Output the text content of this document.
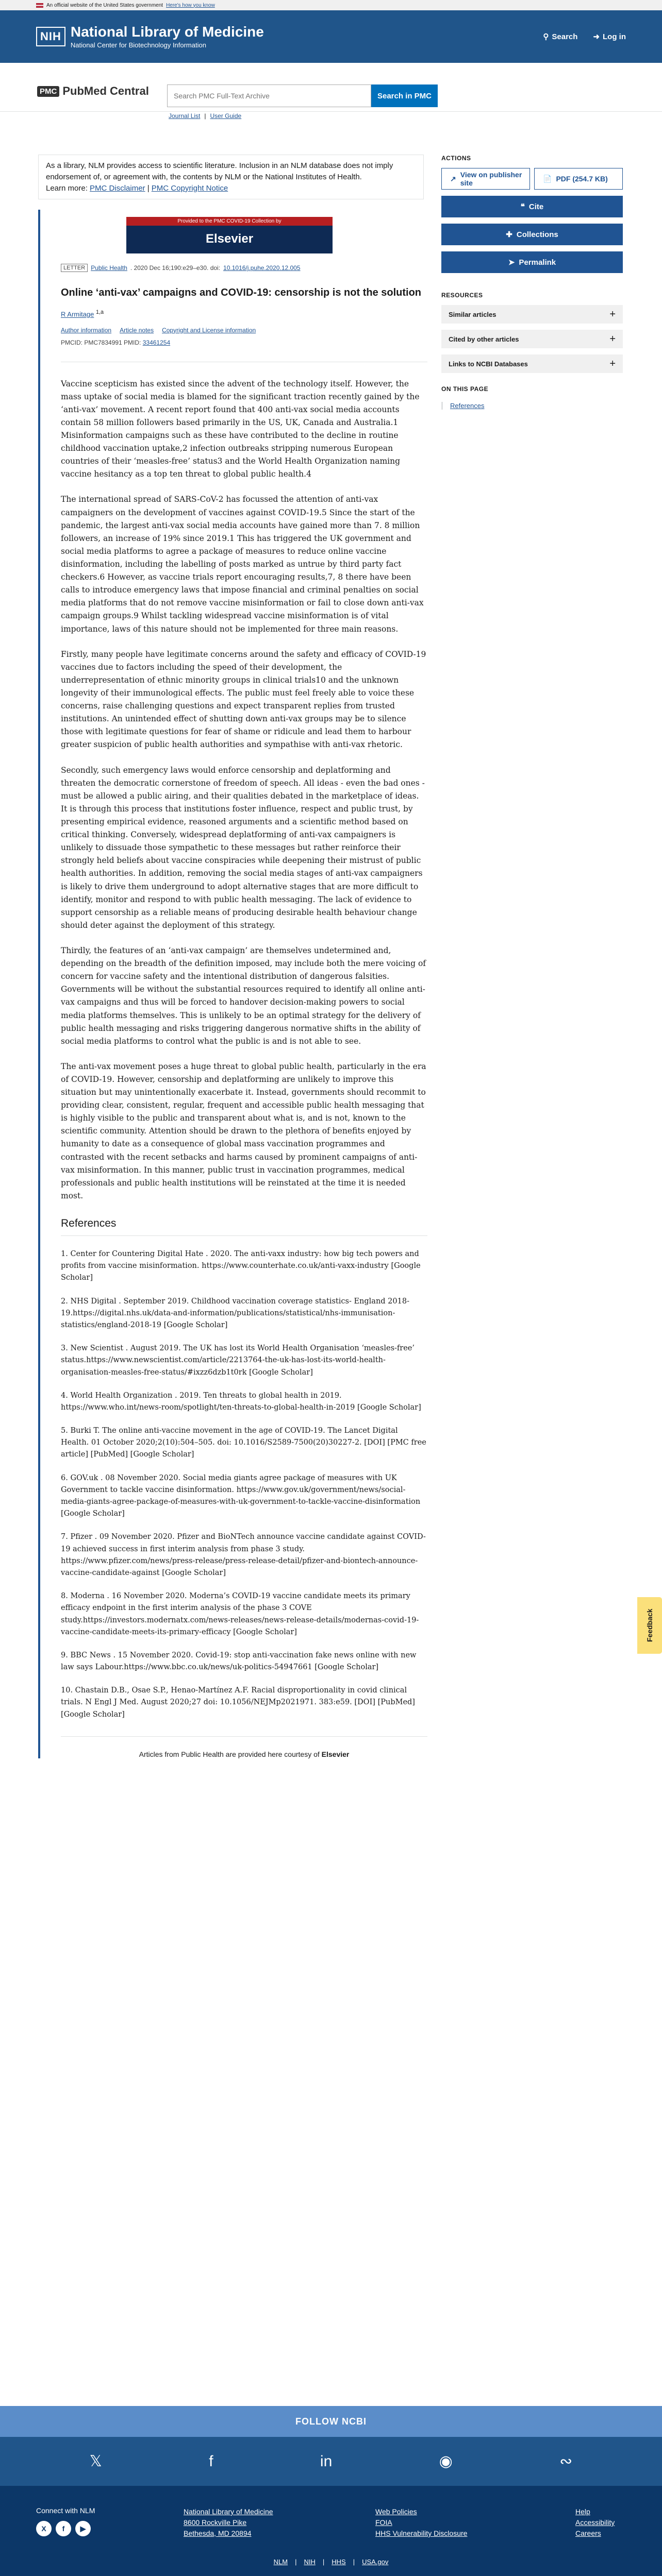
An official website of the United States government Here's how you know
NIH National Library of Medicine
National Center for Biotechnology Information
⚲ Search ➜ Log in
PMC PubMed Central
Search PMC Full-Text Archive	Search in PMC
Journal List | User Guide
As a library, NLM provides access to scientific literature. Inclusion in an NLM database does not imply endorsement of, or agreement with, the contents by NLM or the National Institutes of Health.
Learn more: PMC Disclaimer | PMC Copyright Notice
Provided to the PMC COVID-19 Collection by
Elsevier
LETTER Public Health . 2020 Dec 16;190:e29–e30. doi: 10.1016/j.puhe.2020.12.005
Online ‘anti-vax’ campaigns and COVID-19: censorship is not the solution
R Armitage $^{1,a}$
Author information Article notes Copyright and License information
PMCID: PMC7834991 PMID: 33461254

Vaccine scepticism has existed since the advent of the technology itself. However, the mass uptake of social media is blamed for the significant traction recently gained by the ‘anti-vax’ movement. A recent report found that 400 anti-vax social media accounts contain 58 million followers based primarily in the US, UK, Canada and Australia.1 Misinformation campaigns such as these have contributed to the decline in routine childhood vaccination uptake,2 infection outbreaks stripping numerous European countries of their ‘measles-free’ status3 and the World Health Organization naming vaccine hesitancy as a top ten threat to global public health.4

The international spread of SARS-CoV-2 has focussed the attention of anti-vax campaigners on the development of vaccines against COVID-19.5 Since the start of the pandemic, the largest anti-vax social media accounts have gained more than 7. 8 million followers, an increase of 19% since 2019.1 This has triggered the UK government and social media platforms to agree a package of measures to reduce online vaccine disinformation, including the labelling of posts marked as untrue by third party fact checkers.6 However, as vaccine trials report encouraging results,7, 8 there have been calls to introduce emergency laws that impose financial and criminal penalties on social media platforms that do not remove vaccine misinformation or fail to close down anti-vax campaign groups.9 Whilst tackling widespread vaccine misinformation is of vital importance, laws of this nature should not be implemented for three main reasons.

Firstly, many people have legitimate concerns around the safety and efficacy of COVID-19 vaccines due to factors including the speed of their development, the underrepresentation of ethnic minority groups in clinical trials10 and the unknown longevity of their immunological effects. The public must feel freely able to voice these concerns, raise challenging questions and expect transparent replies from trusted institutions. An unintended effect of shutting down anti-vax groups may be to silence those with legitimate questions for fear of shame or ridicule and lead them to harbour greater suspicion of public health authorities and sympathise with anti-vax rhetoric.

Secondly, such emergency laws would enforce censorship and deplatforming and threaten the democratic cornerstone of freedom of speech. All ideas - even the bad ones - must be allowed a public airing, and their qualities debated in the marketplace of ideas. It is through this process that institutions foster influence, respect and public trust, by presenting empirical evidence, reasoned arguments and a scientific method based on critical thinking. Conversely, widespread deplatforming of anti-vax campaigners is unlikely to dissuade those sympathetic to these messages but rather reinforce their strongly held beliefs about vaccine conspiracies while deepening their mistrust of public health authorities. In addition, removing the social media stages of anti-vax campaigners is likely to drive them underground to adopt alternative stages that are more difficult to identify, monitor and respond to with public health messaging. The lack of evidence to support censorship as a reliable means of producing desirable health behaviour change should deter against the deployment of this strategy.

Thirdly, the features of an ‘anti-vax campaign’ are themselves undetermined and, depending on the breadth of the definition imposed, may include both the mere voicing of concern for vaccine safety and the intentional distribution of dangerous falsities. Governments will be without the substantial resources required to identify all online anti-vax campaigns and thus will be forced to handover decision-making powers to social media platforms themselves. This is unlikely to be an optimal strategy for the delivery of public health messaging and risks triggering dangerous normative shifts in the ability of social media platforms to control what the public is and is not able to see.

The anti-vax movement poses a huge threat to global public health, particularly in the era of COVID-19. However, censorship and deplatforming are unlikely to improve this situation but may unintentionally exacerbate it. Instead, governments should recommit to providing clear, consistent, regular, frequent and accessible public health messaging that is highly visible to the public and transparent about what is, and is not, known to the scientific community. Attention should be drawn to the plethora of benefits enjoyed by humanity to date as a consequence of global mass vaccination programmes and contrasted with the recent setbacks and harms caused by prominent campaigns of anti-vax misinformation. In this manner, public trust in vaccination programmes, medical professionals and public health institutions will be reinstated at the time it is needed most.

References
1. Center for Countering Digital Hate . 2020. The anti-vaxx industry: how big tech powers and profits from vaccine misinformation. https://www.counterhate.co.uk/anti-vaxx-industry [Google Scholar]
2. NHS Digital . September 2019. Childhood vaccination coverage statistics- England 2018-19.https://digital.nhs.uk/data-and-information/publications/statistical/nhs-immunisation-statistics/england-2018-19 [Google Scholar]
3. New Scientist . August 2019. The UK has lost its World Health Organisation ‘measles-free’ status.https://www.newscientist.com/article/2213764-the-uk-has-lost-its-world-health-organisation-measles-free-status/#ixzz6dzb1t0rk [Google Scholar]
4. World Health Organization . 2019. Ten threats to global health in 2019. https://www.who.int/news-room/spotlight/ten-threats-to-global-health-in-2019 [Google Scholar]
5. Burki T. The online anti-vaccine movement in the age of COVID-19. The Lancet Digital Health. 01 October 2020;2(10):504–505. doi: 10.1016/S2589-7500(20)30227-2. [DOI] [PMC free article] [PubMed] [Google Scholar]
6. GOV.uk . 08 November 2020. Social media giants agree package of measures with UK Government to tackle vaccine disinformation. https://www.gov.uk/government/news/social-media-giants-agree-package-of-measures-with-uk-government-to-tackle-vaccine-disinformation [Google Scholar]
7. Pfizer . 09 November 2020. Pfizer and BioNTech announce vaccine candidate against COVID-19 achieved success in first interim analysis from phase 3 study. https://www.pfizer.com/news/press-release/press-release-detail/pfizer-and-biontech-announce-vaccine-candidate-against [Google Scholar]
8. Moderna . 16 November 2020. Moderna’s COVID-19 vaccine candidate meets its primary efficacy endpoint in the first interim analysis of the phase 3 COVE study.https://investors.modernatx.com/news-releases/news-release-details/modernas-covid-19-vaccine-candidate-meets-its-primary-efficacy [Google Scholar]
9. BBC News . 15 November 2020. Covid-19: stop anti-vaccination fake news online with new law says Labour.https://www.bbc.co.uk/news/uk-politics-54947661 [Google Scholar]
10. Chastain D.B., Osae S.P., Henao-Martínez A.F. Racial disproportionality in covid clinical trials. N Engl J Med. August 2020;27 doi: 10.1056/NEJMp2021971. 383:e59. [DOI] [PubMed] [Google Scholar]
Articles from Public Health are provided here courtesy of Elsevier
ACTIONS
↗ View on publisher site
📄 PDF (254.7 KB)
❝ Cite
✚ Collections
➤ Permalink
RESOURCES
Similar articles	+
Cited by other articles	+
Links to NCBI Databases	+
ON THIS PAGE
References
Feedback
FOLLOW NCBI
𝕏	f	in	◉	∾
Connect with NLM
X	f	▶
National Library of Medicine
8600 Rockville Pike
Bethesda, MD 20894
Web Policies
FOIA
HHS Vulnerability Disclosure
Help
Accessibility
Careers
NLM | NIH | HHS | USA.gov
